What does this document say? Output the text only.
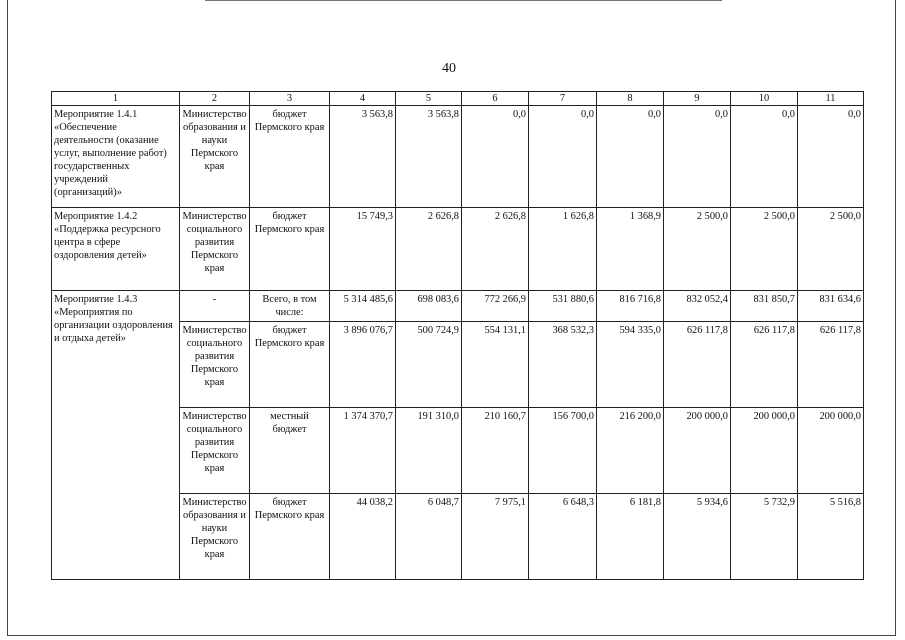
40
1	2	3	4	5	6	7	8	9	10	11
Мероприятие 1.4.1 «Обеспечение деятельности (оказание услуг, выполнение работ) государственных учреждений (организаций)»	Министерство образования и науки Пермского края	бюджет Пермского края	3 563,8	3 563,8	0,0	0,0	0,0	0,0	0,0	0,0
Мероприятие 1.4.2 «Поддержка ресурсного центра в сфере оздоровления детей»	Министерство социального развития Пермского края	бюджет Пермского края	15 749,3	2 626,8	2 626,8	1 626,8	1 368,9	2 500,0	2 500,0	2 500,0
Мероприятие 1.4.3 «Мероприятия по организации оздоровления и отдыха детей»	-	Всего, в том числе:	5 314 485,6	698 083,6	772 266,9	531 880,6	816 716,8	832 052,4	831 850,7	831 634,6
	Министерство социального развития Пермского края	бюджет Пермского края	3 896 076,7	500 724,9	554 131,1	368 532,3	594 335,0	626 117,8	626 117,8	626 117,8
	Министерство социального развития Пермского края	местный бюджет	1 374 370,7	191 310,0	210 160,7	156 700,0	216 200,0	200 000,0	200 000,0	200 000,0
	Министерство образования и науки Пермского края	бюджет Пермского края	44 038,2	6 048,7	7 975,1	6 648,3	6 181,8	5 934,6	5 732,9	5 516,8
